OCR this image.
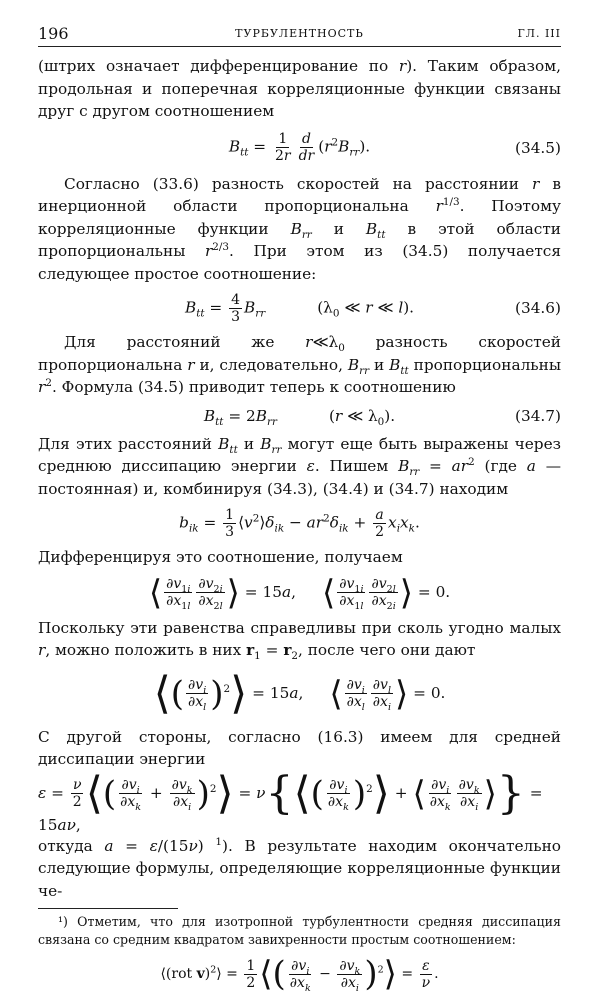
196	ТУРБУЛЕНТНОСТЬ	ГЛ. III

(штрих означает дифференцирование по r). Таким образом, продольная и поперечная корреляционные функции связаны друг с другом соотношением

$B_{tt} = \frac{1}{2r} \frac{d}{dr} (r^2B_{rr})$.	(34.5)

Согласно (33.6) разность скоростей на расстоянии r в инерционной области пропорциональна $r^{1/3}$. Поэтому корреляционные функции $B_{rr}$ и $B_{tt}$ в этой области пропорциональны $r^{2/3}$. При этом из (34.5) получается следующее простое соотношение:

$B_{tt} = \frac{4}{3} B_{rr}$	($\lambda_0$ ≪ r ≪ l).	(34.6)

Для расстояний же $r≪\lambda_0$ разность скоростей пропорциональна r и, следовательно, $B_{rr}$ и $B_{tt}$ пропорциональны $r^2$. Формула (34.5) приводит теперь к соотношению

$B_{tt} = 2B_{rr}$	(r ≪ $\lambda_0$).	(34.7)

Для этих расстояний $B_{tt}$ и $B_{rr}$ могут еще быть выражены через среднюю диссипацию энергии ε. Пишем $B_{rr} = ar^2$ (где a — постоянная) и, комбинируя (34.3), (34.4) и (34.7) находим

$b_{ik} = \frac{1}{3}$ $⟨v^2⟩\delta_{ik} - ar^2\delta_{ik} + \frac{a}{2} x_ix_k$.

Дифференцируя это соотношение, получаем

⟨ $\frac{\partial v_{1i}}{\partial x_{1l}} \frac{\partial v_{2i}}{\partial x_{2l}}$ ⟩ = 15a, ⟨ $\frac{\partial v_{1i}}{\partial x_{1l}} \frac{\partial v_{2l}}{\partial x_{2i}}$ ⟩ = 0.

Поскольку эти равенства справедливы при сколь угодно малых r, можно положить в них $r_1 = r_2$, после чего они дают

⟨( $\frac{\partial v_i}{\partial x_l}$ )$^2$⟩ = 15a, ⟨ $\frac{\partial v_i}{\partial x_l} \frac{\partial v_l}{\partial x_i}$ ⟩ = 0.

С другой стороны, согласно (16.3) имеем для средней диссипации энергии

$\varepsilon = \frac{\nu}{2}$ ⟨( $\frac{\partial v_i}{\partial x_k} + \frac{\partial v_k}{\partial x_i}$ )$^2$⟩ = ν{⟨( $\frac{\partial v_i}{\partial x_k}$ )$^2$⟩ + ⟨ $\frac{\partial v_i}{\partial x_k} \frac{\partial v_k}{\partial x_i}$ ⟩} = 15aν,

откуда a = ε/(15ν) $^1$). В результате находим окончательно следующие формулы, определяющие корреляционные функции че-

¹) Отметим, что для изотропной турбулентности средняя диссипация связана со средним квадратом завихренности простым соотношением:

⟨(rot v)$^2$⟩ = $\frac{1}{2}$ ⟨( $\frac{\partial v_i}{\partial x_k} - \frac{\partial v_k}{\partial x_i}$ )$^2$⟩ = $\frac{\varepsilon}{\nu}$ .
